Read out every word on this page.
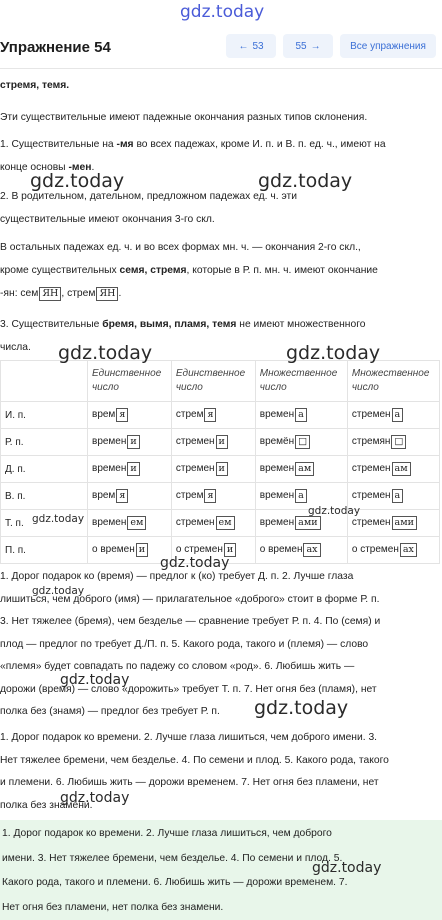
gdz.today
Упражнение 54	← 53	55 →	Все упражнения
стремя, темя.
Эти существительные имеют падежные окончания разных типов склонения.
1. Существительные на -мя во всех падежах, кроме И. п. и В. п. ед. ч., имеют на
конце основы -мен.
2. В родительном, дательном, предложном падежах ед. ч. эти
существительные имеют окончания 3-го скл.
В остальных падежах ед. ч. и во всех формах мн. ч. — окончания 2-го скл.,
кроме существительных семя, стремя, которые в Р. п. мн. ч. имеют окончание
-ян: сем ЯН , стрем ЯН .
3. Существительные бремя, вымя, пламя, темя не имеют множественного
числа.
	Единственное число	Единственное число	Множественное число	Множественное число
И. п.	врем я	стрем я	времен а	стремен а
Р. п.	времен и	стремен и	времён □	стремян □
Д. п.	времен и	стремен и	времен ам	стремен ам
В. п.	врем я	стрем я	времен а	стремен а
Т. п.	времен ем	стремен ем	времен ами	стремен ами
П. п.	о времен и	о стремен и	о времен ах	о стремен ах
1. Дорог подарок ко (время) — предлог к (ко) требует Д. п. 2. Лучше глаза
лишиться, чем доброго (имя) — прилагательное «доброго» стоит в форме Р. п.
3. Нет тяжелее (бремя), чем безделье — сравнение требует Р. п. 4. По (семя) и
плод — предлог по требует Д./П. п. 5. Какого рода, такого и (племя) — слово
«племя» будет совпадать по падежу со словом «род». 6. Любишь жить —
дорожи (время) — слово «дорожить» требует Т. п. 7. Нет огня без (пламя), нет
полка без (знамя) — предлог без требует Р. п.
1. Дорог подарок ко времени. 2. Лучше глаза лишиться, чем доброго имени. 3.
Нет тяжелее бремени, чем безделье. 4. По семени и плод. 5. Какого рода, такого
и племени. 6. Любишь жить — дорожи временем. 7. Нет огня без пламени, нет
полка без знамени.
1. Дорог подарок ко времени. 2. Лучше глаза лишиться, чем доброго
имени. 3. Нет тяжелее бремени, чем безделье. 4. По семени и плод. 5.
Какого рода, такого и племени. 6. Любишь жить — дорожи временем. 7.
Нет огня без пламени, нет полка без знамени.
gdz.today	gdz.today
gdz.today	gdz.today
gdz.today
gdz.today
gdz.today
gdz.today
gdz.today
gdz.today
gdz.today
gdz.today
